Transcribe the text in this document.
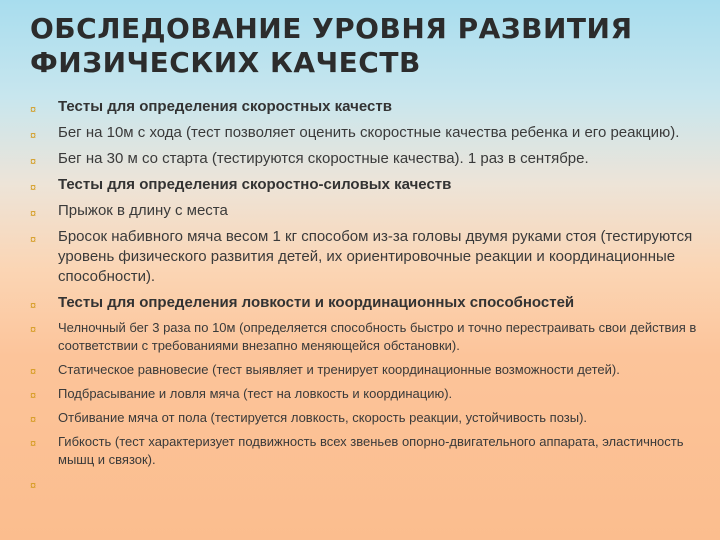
ОБСЛЕДОВАНИЕ УРОВНЯ РАЗВИТИЯ
ФИЗИЧЕСКИХ КАЧЕСТВ
¤ Тесты для определения скоростных качеств
¤ Бег на 10м с хода (тест позволяет оценить скоростные качества ребенка и его реакцию).
¤ Бег на 30 м со старта (тестируются скоростные качества). 1 раз в сентябре.
¤ Тесты для определения скоростно-силовых качеств
¤ Прыжок в длину с места
¤ Бросок набивного мяча весом 1 кг способом из-за головы двумя руками стоя (тестируются уровень физического развития детей, их ориентировочные реакции и координационные способности).
¤ Тесты для определения ловкости и координационных способностей
¤ Челночный бег 3 раза по 10м (определяется способность быстро и точно перестраивать свои действия в соответствии с требованиями внезапно меняющейся обстановки).
¤ Статическое равновесие (тест выявляет и тренирует координационные возможности детей).
¤ Подбрасывание и ловля мяча (тест на ловкость и координацию).
¤ Отбивание мяча от пола (тестируется ловкость, скорость реакции, устойчивость позы).
¤ Гибкость (тест характеризует подвижность всех звеньев опорно-двигательного аппарата, эластичность мышц и связок).
¤
